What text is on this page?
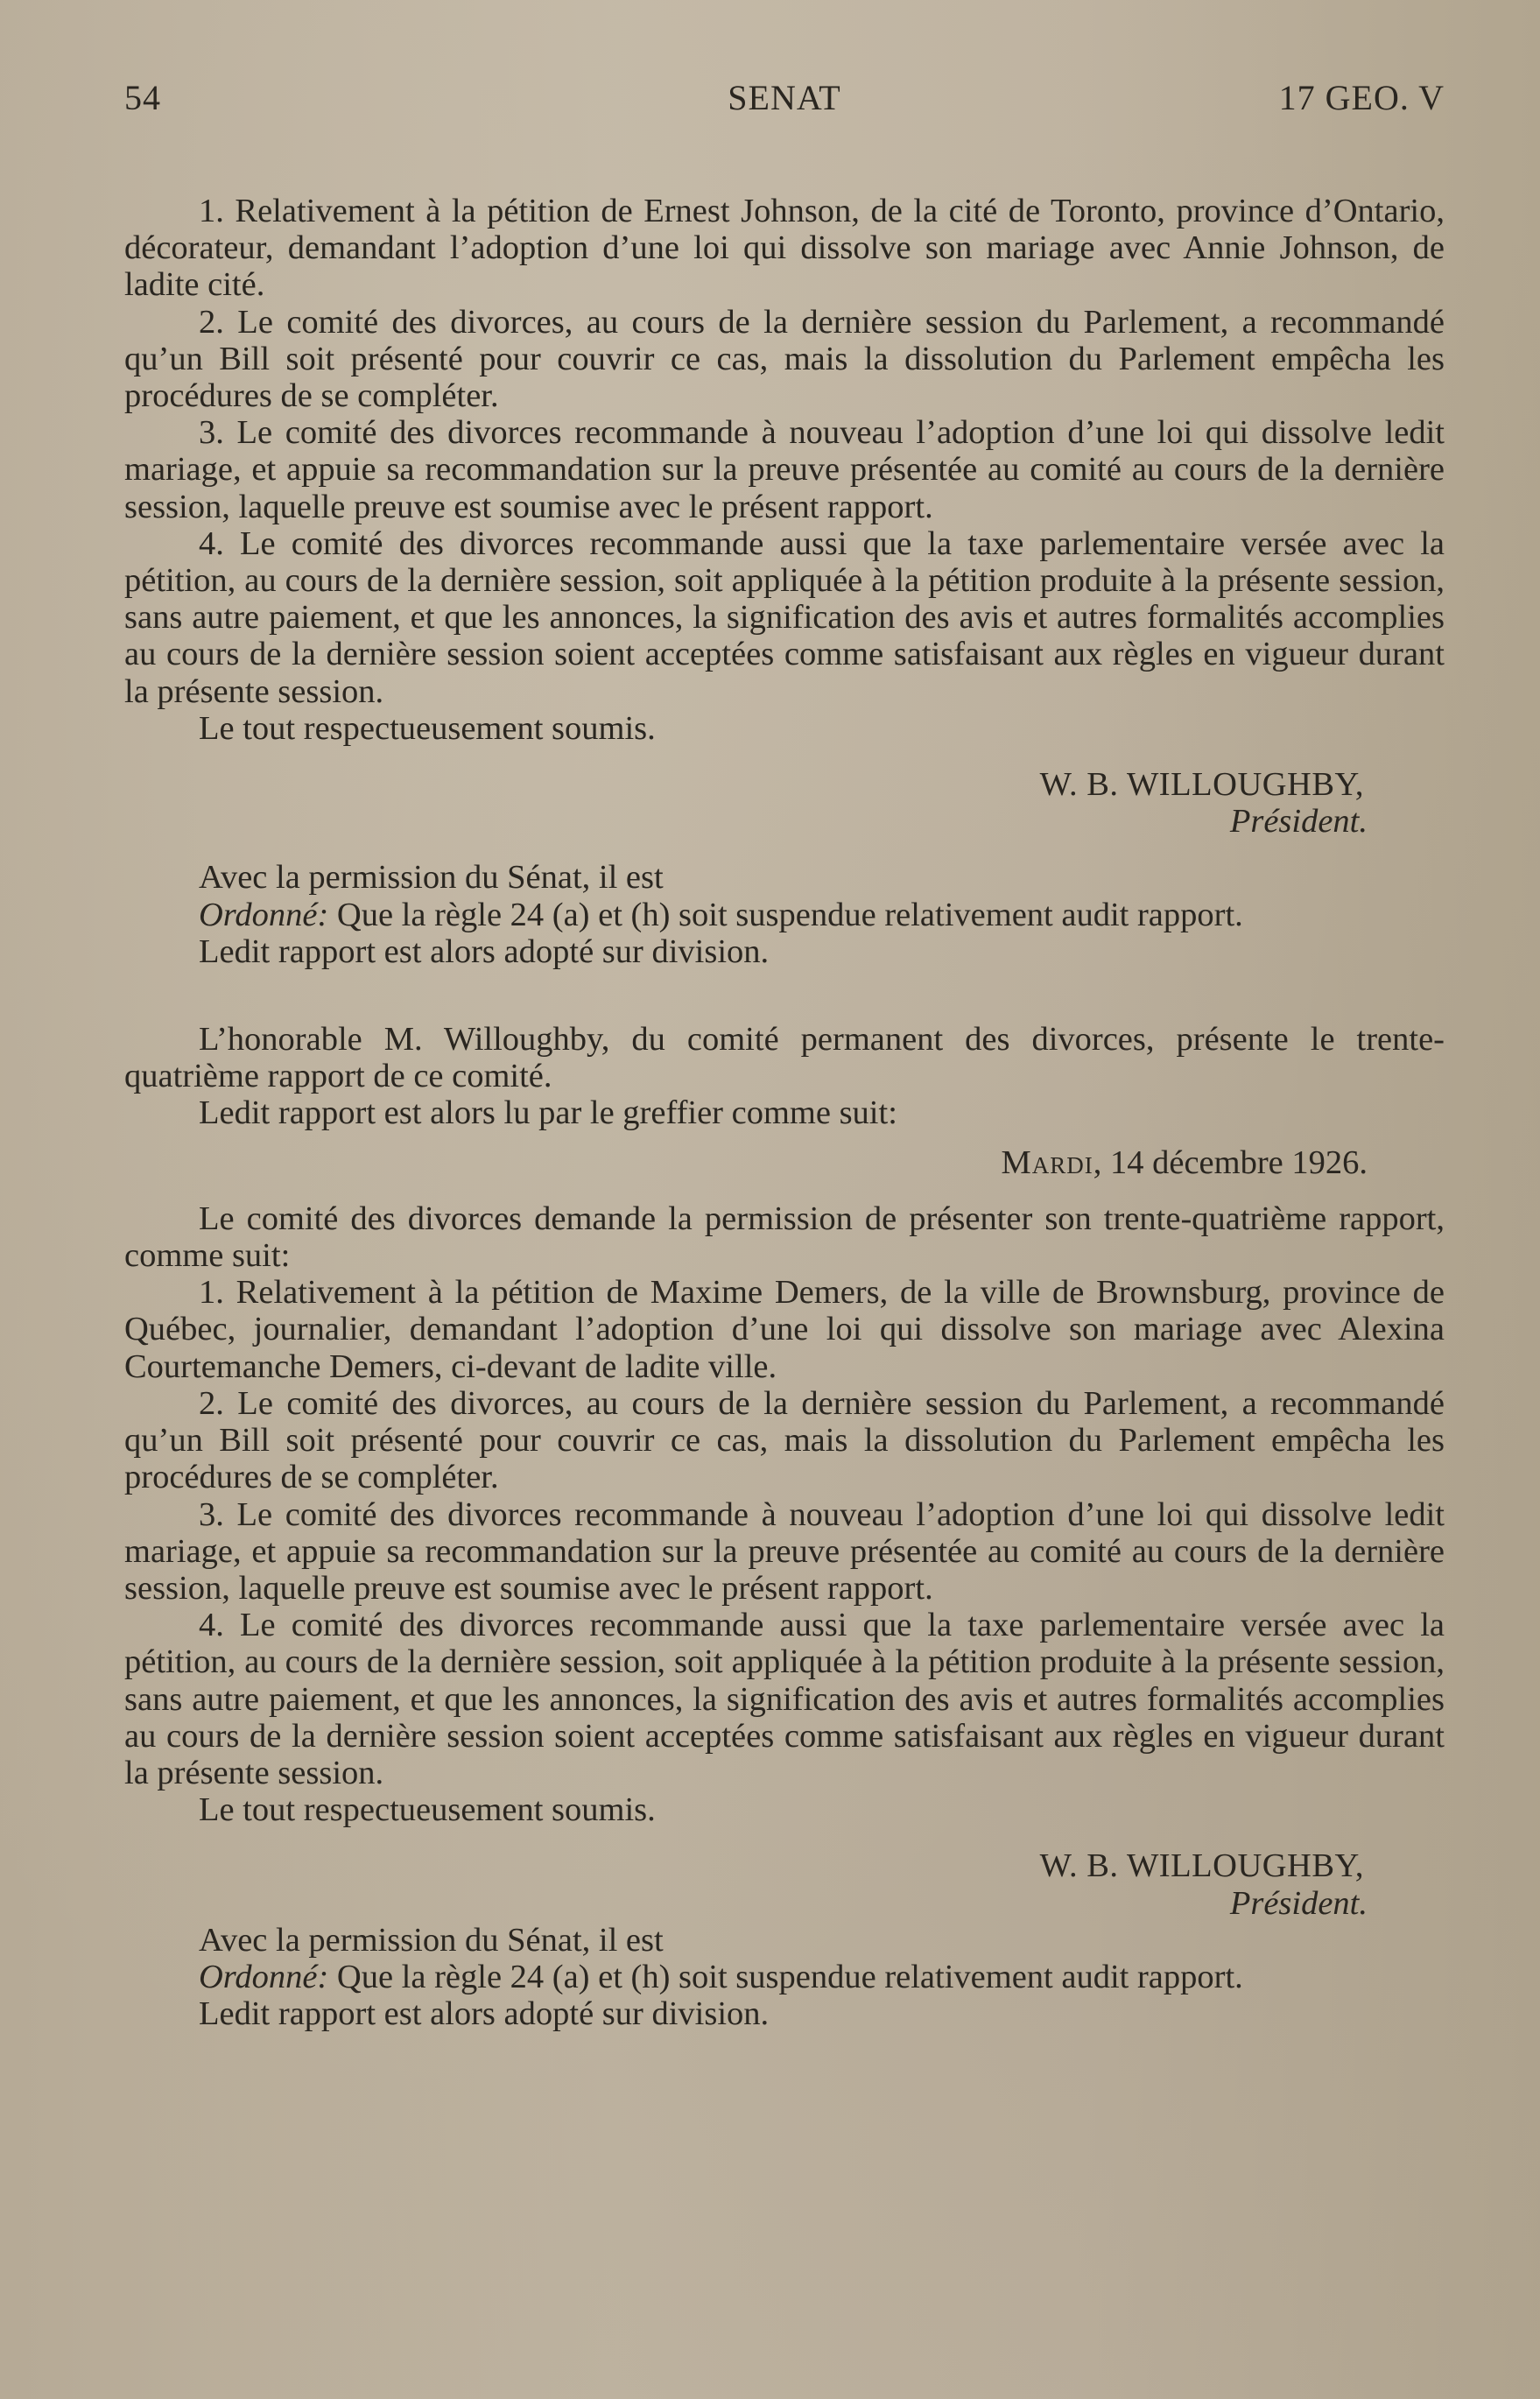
54	SENAT	17 GEO. V

1. Relativement à la pétition de Ernest Johnson, de la cité de Toronto, province d’Ontario, décorateur, demandant l’adoption d’une loi qui dissolve son mariage avec Annie Johnson, de ladite cité.

2. Le comité des divorces, au cours de la dernière session du Parlement, a recommandé qu’un Bill soit présenté pour couvrir ce cas, mais la dissolution du Parlement empêcha les procédures de se compléter.

3. Le comité des divorces recommande à nouveau l’adoption d’une loi qui dissolve ledit mariage, et appuie sa recommandation sur la preuve présentée au comité au cours de la dernière session, laquelle preuve est soumise avec le présent rapport.

4. Le comité des divorces recommande aussi que la taxe parlementaire versée avec la pétition, au cours de la dernière session, soit appliquée à la pétition produite à la présente session, sans autre paiement, et que les annonces, la signification des avis et autres formalités accomplies au cours de la dernière session soient acceptées comme satisfaisant aux règles en vigueur durant la présente session.

Le tout respectueusement soumis.

W. B. WILLOUGHBY,
Président.

Avec la permission du Sénat, il est

Ordonné: Que la règle 24 (a) et (h) soit suspendue relativement audit rapport.

Ledit rapport est alors adopté sur division.

L’honorable M. Willoughby, du comité permanent des divorces, présente le trente-quatrième rapport de ce comité.

Ledit rapport est alors lu par le greffier comme suit:

Mardi, 14 décembre 1926.

Le comité des divorces demande la permission de présenter son trente-quatrième rapport, comme suit:

1. Relativement à la pétition de Maxime Demers, de la ville de Brownsburg, province de Québec, journalier, demandant l’adoption d’une loi qui dissolve son mariage avec Alexina Courtemanche Demers, ci-devant de ladite ville.

2. Le comité des divorces, au cours de la dernière session du Parlement, a recommandé qu’un Bill soit présenté pour couvrir ce cas, mais la dissolution du Parlement empêcha les procédures de se compléter.

3. Le comité des divorces recommande à nouveau l’adoption d’une loi qui dissolve ledit mariage, et appuie sa recommandation sur la preuve présentée au comité au cours de la dernière session, laquelle preuve est soumise avec le présent rapport.

4. Le comité des divorces recommande aussi que la taxe parlementaire versée avec la pétition, au cours de la dernière session, soit appliquée à la pétition produite à la présente session, sans autre paiement, et que les annonces, la signification des avis et autres formalités accomplies au cours de la dernière session soient acceptées comme satisfaisant aux règles en vigueur durant la présente session.

Le tout respectueusement soumis.

W. B. WILLOUGHBY,
Président.

Avec la permission du Sénat, il est

Ordonné: Que la règle 24 (a) et (h) soit suspendue relativement audit rapport.

Ledit rapport est alors adopté sur division.
